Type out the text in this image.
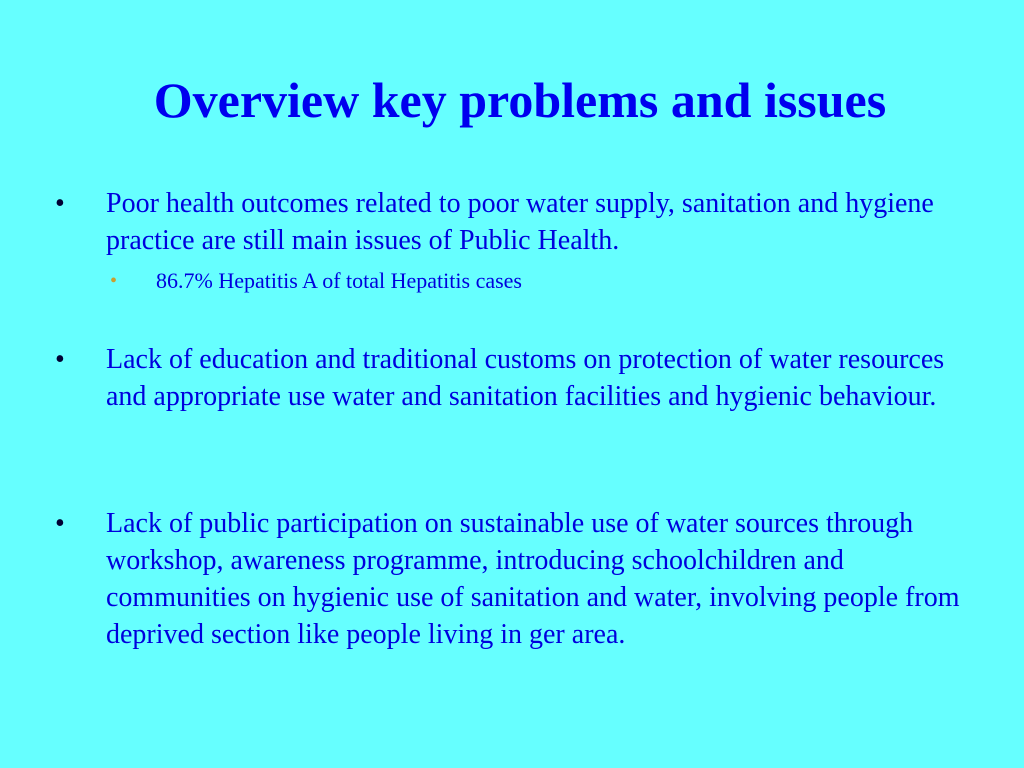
Overview key problems and issues
• Poor health outcomes related to poor water supply, sanitation and hygiene practice are still main issues of Public Health.
• 86.7% Hepatitis A of total Hepatitis cases
• Lack of education and traditional customs on protection of water resources and appropriate use water and sanitation facilities and hygienic behaviour.
• Lack of public participation on sustainable use of water sources through workshop, awareness programme, introducing schoolchildren and communities on hygienic use of sanitation and water, involving people from deprived section like people living in ger area.
